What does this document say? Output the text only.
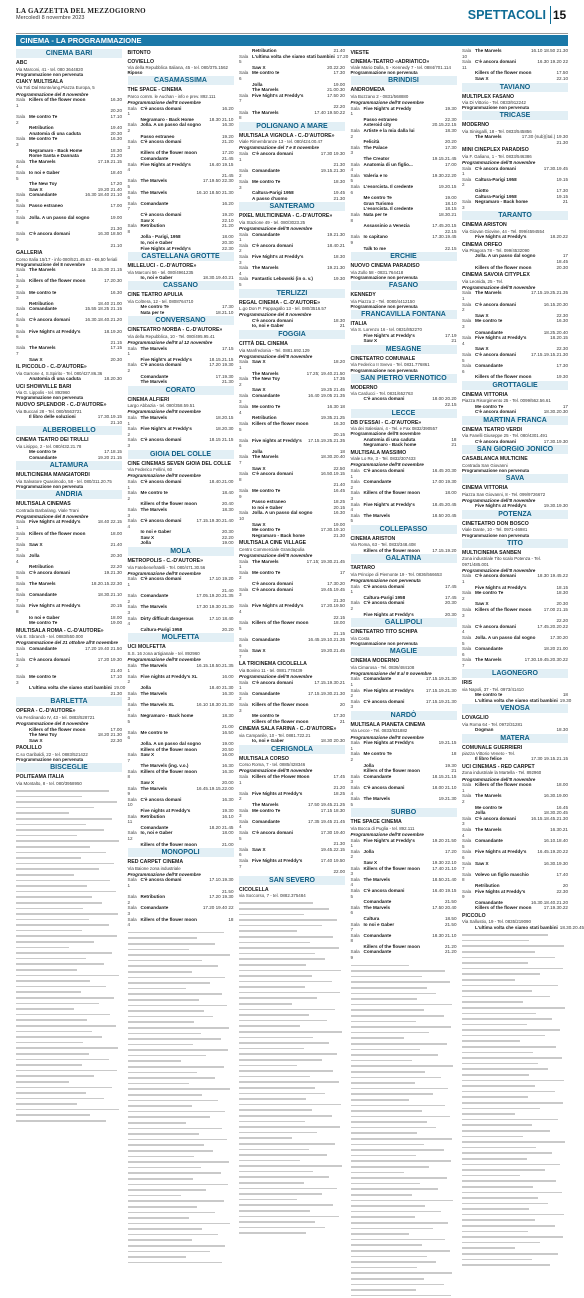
LA GAZZETTA DEL MEZZOGIORNO
Mercoledì 8 novembre 2023	SPETTACOLI 15
CINEMA - LA PROGRAMMAZIONE
CINEMA BARI
ABC
Via Marconi, 41 - tel. 080 3644820
Programmazione non pervenuta
CIAKY MULTISALA
Via Toti Dal Monte/ang.Piazza Europa, 5
Programmazione del 8 novembre
Sala 1
Killers of the flower moon	16.30
20.20
Sala 2
Me contro Te	17.10
Retribution	19.40
Anatomia di una caduta	20.30
Sala 3
Me contro Te	16.30
Negramaro - Back Home	18.30
Rome Santa e Dannata	21.20
Sala 4
The Marvels	17.19.21.15
Sala 5
Io noi e Gaber	18.40
The New Toy	17.20
Saw X	19.20 21.40
Sala 6
Comandante	16.30 18.40 21.10
Sala 7
Passo estraneo	17.00
Sala 8
Jolla. A un passo dal sogno	19.00
21.30
Sala 9
C'è ancora domani	16.30 18.50
21.10
GALLERIA
Corso Italia 15/17 - info 080/521.45.63 - €6,50 feriali
Programmazione del 8 novembre
Sala 1
The Marvels	16.15.30 21.15
Sala 2
Killers of the flower moon	17.20.30
Sala 3
Me contro te	16.30
Retribution	18.40 21.00
Sala 4
Comandante	15.55 18.25 21.15
Sala 5
C'è ancora domani	16.30.18.40.21.20
Sala 6
Five Night's at Freddy's	18.19.20
21.15
Sala 7
The Marvels	17.15
Saw X	20.30
IL PICCOLO - C.-D'AUTORE»
Via Garrone 4, S.Spirito - Tel. 080/427.86.36
Anatomia di una caduta	18.20.30
UCI SHOWVILLE BARI
Via G. Lippolis - tel. 892960
Programmazione non pervenuta
NUOVO SPLENDOR - C.-D'AUTORE»
Via Buccari 28 - Tel. 080/5563721
Il libro delle soluzioni	17.30.19.15
21.10
ALBEROBELLO
CINEMA TEATRO DEI TRULLI
Via Lisippo, 2 - tel. 080/432.21.78
Me contro te	17.18.15
Comandante	19.20 21.15
ALTAMURA
MULTICINEMA MANGIATORDI
Via Salvatore Quasimodo, 58 - tel. 080/311.20.75
Programmazione non pervenuta
ANDRIA
MULTISALA CINEMAS
Contrada Barba/ang. Viale Trani
Programmazione del 8 novembre
Sala 1
Five Night's at Freddy's	18.40 22.15
Sala 2
Killers of the flower moon	18.00
Sala 3
Saw X	21.40
Sala 4
Jolla	20.30
Retribution	22.20
Sala 5
C'è ancora domani	19.21.30
Sala 6
The Marvels	18.20.15.22.30
Sala 7
Comandante	18.30.21.10
Sala 8
Five Night's at Freddy's	20.15
Io noi e Gaber	18.00
Me contro Te	19.00
MULTISALA ROMA - C.-D'AUTORE»
Via E. Sbranch - tel. 0883/550.000
Programmazione del 21 ottobre all'8 novembre
Sala 1
Comandante	17.20 19.40 21.50
Sala 2
C'è ancora domani	17.20 19.30
21.40
Sala 3
Me contro te	17.10
L'ultima volta che siamo stati bambini 19.00
21.30
BARLETTA
OPERA - C.-D'AUTORE»
Via Ferdinando IV, 43 - tel. 0883/528721
Programmazione del 8 novembre
Killers of the flower moon	17.00
The New Toy	18.20 21.30
Saw X	22.30
PAOLILLO
C.so Garibaldi, 22 - tel. 0883/521422
Programmazione non pervenuta
BISCEGLIE
POLITEAMA ITALIA
Via Montalto, 8 - tel. 080/3958950
BITONTO
COVIELLO
Via della Repubblica Italiana, 45 - tel. 080/375.1562
Riposo
CASAMASSIMA
THE SPACE - CINEMA
Parco comm. le Auchan - info e prev. 892.111
Programmazione dell'8 novembre
Sala 1
C'è ancora domani	16.20
Negramaro - Back Home	18.30 21.10
Sala 2
Jolla. A un passo dal sogno	16.30
Passo estraneo	19.20
Sala 3
C'è ancora domani	21.20
Killers of the flower moon	17.20
Comandante	21.45
Sala 4
Five Nights at Freddy's	16.40 19.15
21.45
Sala 5
The Marvels	17.19.50 22.30
Sala 6
The Marvels	16.10 18.50 21.30
Sala 7
Comandante	16.20
C'è ancora domani	19.20
Saw X	22.10
Sala 8
Retribution	21.20
Jolla - Parigi, 1958	18.00
Io, noi e Gaber	20.30
Five Nights at Freddy's	22.30
CASTELLANA GROTTE
MILLELUCI - C.-D'AUTORE»
Via Marconi 56 - tel. 080/4961235
Io, noi e Gaber	18.30.19.40.21
CASSANO
CINE TEATRO APULIA
Via Coltrera, 12 - tel. 0808764710
Me contro Te	17.30
Nata per te	18.21.10
CONVERSANO
CINETEATRO NORBA - C.-D'AUTORE»
Via della Repubblica, 10 - Tel. 080/495.95.41
Programmazione dell'8 al 12 novembre
Sala 1
The Marvels	17.15
Five Night's at Freddy's	18.15.21.15
Sala 2
C'è ancora domani	17.20 19.30
Comandante	17.19.30
The Marvels	21.30
CORATO
CINEMA ALFIERI
Largo Abbazia - tel. 080/358.59.51
Programmazione dell'8 novembre
Sala 1
The Marvels	18.20.15
Sala 2
Five Night's at Freddy's	18.20.30
Sala 3
C'è ancora domani	18.15 21.15
GIOIA DEL COLLE
CINE CINEMAS SEVEN GIOIA DEL COLLE
Via Federico Fellini, 60
Programmazione dell'8 novembre
Sala 1
C'è ancora domani	18.40.21.00
Sala 2
Me contro te	18.40
Killers of the flower moon	20.40
Sala 3
The Marvels	18.30
Sala 4
C'è ancora domani	17.15.19.30.21.40
Io noi e Gaber	20.30
Saw X	22.20
Jolla	19.00
MOLA
METROPOLIS - C.-D'AUTORE»
Via Fatebenefratelli - Tel. 080/471.30.56
Programmazione dell'8 novembre
Sala 1
C'è ancora domani	17.10 19.20
21.40
Sala 2
Comandante	17.05.19.20.21.35
Sala 3
The Marvels	17.30 19.30 21.30
Sala 4
Dirty difficult dangerous	17.10 18.40
Caltura-Parigi 1958	20.20
MOLFETTA
UCI MOLFETTA
S.S. 16 zona artigianale - tel. 892960
Programmazione dell'8 novembre
Sala 1
The Marvels	16.15.18.50.21.35
Sala 2
Five nights at Freddy's XL	16.00
Jolla	18.40 21.30
Sala 3
The Marvels	16.30
Sala 4
The Marvels XL	16.10 18.30 21.30
Sala 5
Negramaro - Back home	18.30
21.00
Sala 6
Me contro te	16.50
Jolla. A un passo dal sogno	19.00
Killers of the flower moon	20.50
Sala 7
Saw X	16.00
The Marvels (ing. v.o.)	16.30
Sala 8
Killers of the flower moon	16.30
Saw X	20.00
Sala 9
The Marvels	16.45.19.15.22.00
Sala 10
C'è ancora domani	16.30
Five nights at Freddy's	19.30
Sala 11
Retribution	16.10
Comandante	18.20 21.45
Sala 12
Io, noi e Gaber	18.00
Killers of the flower moon	21.00
MONOPOLI
RED CARPET CINEMA
Via Baione zona industriale
Programmazione dell'8 novembre
Sala 1
C'è ancora domani	17.10.19.30
21.50
Sala 2
Retribution	17.20 19.30
Sala 3
Comandante	17.20 19.40 22
Sala 4
Killers of the flower moon	18
Retribution	21.40
Sala 5
L'ultima volta che siamo stati bambini 17.20
Saw X	20.22.20
Sala 6
Me contro te	17.30
Jolla	19.00
The Marvels	21.00.30
Sala 7
Five Night's at Freddy's	17.50 20
22.20
Sala 8
The Marvels	17.40 19.50.22
POLIGNANO A MARE
MULTISALA VIGNOLA - C.-D'AUTORE»
Viale Rimembranze 13 - tel. 080/424.00.47
Programmazione del 7 e 8 novembre
Sala 1
C'è ancora domani	17.30 19.30
21.30
Sala 2
Comandante	19.15.21.30
Sala 3
Me contro Te	18.30
Caltura-Parigi 1958	19.45
A passo d'uomo	21.30
SANTERAMO
PIXEL MULTICINEMA - C.-D'AUTORE»
Via Stazione 49 - tel. 080/3023.25
Programmazione dell'8 novembre
Sala 1
Comandante	19.21.30
Sala 2
C'è ancora domani	18.40.21
Sala 3
Five Night's at Freddy's	18.30
Sala 4
The Marvels	19.21.30
Sala 5
Fantastic Lebowski (in o. v.)	19.30
TERLIZZI
REGAL CINEMA - C.-D'AUTORE»
L.go Don P. Pappagallo 13 - tel. 080/3516.57
Programmazione del 8 novembre
C'è ancora domani	18.30
Io, noi e Gaber	21
FOGGIA
CITTÀ DEL CINEMA
Via Manfredonia - Tel. 0881.692.129
Programmazione dell'8 novembre
Sala 1
Saw X	18.20
The Marvels	17.25; 19.40.21.50
Sala 2
The New Toy	17.35
Saw X	19.25 21.45
Sala 3
Comandante	16.40 19.05 21.35
Sala 4
Me contro Te	16.30 18
Retribution	19.35.21.25
Sala 5
Killers of the flower moon	16.30
20.15
Sala 6
Five nights at Freddy's	17.15.19.25.21.35
Jolla	18
Sala 7
The Marvels	18.30.20.40
Saw X	22.50
Sala 8
C'è ancora domani	16.50.19.15
21.40
Sala 9
Me contro Te	16.45
Passo estraneo	18.25
Io noi e Gaber	20.15
Sala 10
Jolla. A un passo dal sogno	16.30
Saw X	19.00
Me contro Te	17.30.19.10
Negramaro - Back home	21.30
MULTISALA CINE VILLAGE
Centro Commerciale Grandapulia
Programmazione dell'8 novembre
Sala 1
The Marvels	17.15; 19.30.21.45
Sala 2
Me contro Te	17
C'è ancora domani	17.30.20
Sala 3
C'è ancora domani	19.45.19.45
21.30
Sala 4
Five Night's at Freddy's	17.20.19.50
22.15
Sala 5
Killers of the flower moon	18.00
21.15
Sala 6
Comandante	16.45.19.10.21.35
Sala 7
Saw X	19.20.21.45
LA TRICINEMA CICOLELLA
Via Bovino 11 - tel. 0881.778439
Programmazione dell'8 novembre
Sala 1
C'è ancora domani	17.15.19.30.21
Sala 2
Comandante	17.15.19.30.21.30
Sala 3
Killers of the flower moon	20
Me contro te	17.30
Killers of the flower moon	21
CINEMA SALA FARINA - C.-D'AUTORE»
via Campanile, 10 - Tel. 0881.722.21
Io, noi e Gaber	18.30 20.30
CERIGNOLA
MULTISALA CORSO
Corso Roma, 7 - tel. 0885/428346
Programmazione dell'8 novembre
Sala 1
Killers of the Flower Moon	17.45
21.20
Sala 2
Five Nights at Freddy's	18.25
The Marvels	17.50 19.45.21.25
Sala 3
Me contro Te	17.15 18.30
Sala 4
Comandante	17.35 19.45 21.45
Sala 5
C'è ancora domani	17.30 19.40
21.30
Sala 6
Saw X	19.45.22.15
Sala 7
Five Nights at Freddy's	17.40 19.50
22.00
SAN SEVERO
CICOLELLA
via Soccorso, 7 - tel. 0882.375484
VIESTE
CINEMA-TEATRO «ADRIATICO»
Viale Mario Dalla, 5 - Kennedy 7 - tel. 0884/701.114
Programmazione non pervenuta
BRINDISI
ANDROMEDA
Via Bozzano 2 - 0831/568880
Programmazione dell'8 novembre
Sala 1
Five Night's at Freddy	19.30
Passo estraneo	22.30
Asteroid city	20.15.22.15
Sala 2
Artiste e la mia dalla lui	18.30
Felicità	20.20
Sala 3
The Palace	17.30
The Creator	19.15.21.45
Sala 4
Anatomia di un figlio...	17.00
Sala 5
Valeria e Io	19.30.22.20
Sala 6
L'esorcista. Il credente	19.20.15
Me contro Te	19.00
Gran Turismo	18.10
L'esorcista. Il credente	18.15
Sala 8
Nata per te	18.30.21
Assassinio a Venezia	17.45.20.15
22.15
Sala 9
Io capitano	17.30.19.45
Talk to me	22.15
ERCHIE
NUOVO CINEMA PARADISO
Via Zullo 58 - 0831.764418
Programmazione non pervenuta
FASANO
KENNEDY
Via Piazza 2 - Tel. 0080/4412150
Programmazione non pervenuta
FRANCAVILLA FONTANA
ITALIA
Via S. Lorenzo 16 - tel. 0831/852270
Five Night's at Freddy's	17.19
Saw X	21
MESAGNE
CINETEATRO COMUNALE
Via Federico II Svevo - Tel. 0831.776861
Programmazione non pervenuta
SAN PIETRO VERNOTICO
MODERNO
Via Carducci - Tel. 0831/652763
C'è ancora domani	18.00 20.20
22.15
LECCE
DB D'ESSAI - C.-D'AUTORE»
Via dei Salesiani, 4 - Tel. e Fax 0832/390557
Programmazione dell'8 novembre
Anatomia di una caduta	18
Negramaro - Back home	21
MULTISALA MASSIMO
Viale Lo Re, 3 - Tel. 0832/307433
Programmazione dell'8 novembre
Sala 1
C'è ancora domani	16.45 20.30
Sala 2
Comandante	17.00 19.30
Sala 3
Killers of the flower moon	18.00
Sala 4
Five Night's at Freddy's	18.45.20.45
Sala 5
The Marvels	18.50 20.45
COLLEPASSO
CINEMA ARISTON
Via Roma, 63 - Tel. 0833/348.408
Killers of the flower moon	17.15.19.20
GALATINA
TARTARO
Via Principe di Piemonte 19 - Tel. 0836/566653
Programmazione non pervenuta
Sala 1
C'è ancora domani	17.45
Caltura-Parigi 1958	17.45
Sala 2
C'è ancora domani	20.30
Five Nights at Freddy's	20.30
GALLIPOLI
CINETEATRO TITO SCHIPA
Via Costa
Programmazione non pervenuta
MAGLIE
CINEMA MODERNO
Via Cimarosa - Tel. 0836/484108
Programmazione del 8 al 9 novembre
Sala 1
Comandante	17.15.19.21.30
Sala 2
Five Nights at Freddy's	17.15.19.21.30
Sala 3
C'è ancora domani	17.15.19.21.30
NARDÒ
MULTISALA PIANETA CINEMA
Via Lecce - Tel. 0833/831882
Programmazione dell'8 novembre
Sala 1
Five Nights at Freddy's	19.21.15
Sala 2
Me contro Te	18
Jolla	19.30
Killers of the flower moon	21
Sala 3
Comandante	18.15.21.15
Sala 4
C'è ancora domani	18.00 21.10
Sala 5
The Marvels	19.21.30
SURBO
THE SPACE CINEMA
Via Bocca di Puglia - tel. 892.111
Programmazione dell'8 novembre
Sala 1
Five Night's at Freddy's	19.20 21.50
Sala 2
Jolla	17.20
Saw X	19.30 22.10
Sala 3
Killers of the flower moon	17.40 21.10
Sala 4
The Marvels	18.50.21.40
Sala 5
C'è ancora domani	16.40 19.15
Comandante	21.50
Sala 6
The Marvels	17.50 20.40
Caltura	18.50
Sala 7
Io noi e Gaber	21.50
Sala 8
Comandante	18.30 21.10
Killers of the flower moon	21.20
Sala 9
Comandante	21.20
Sala 10
The Marvels	16.10 18.50 21.30
Sala 11
C'è ancora domani	16.30 19.20 22
Killers of the flower moon	17.50
Saw X	22.10
TAVIANO
MULTIPLEX FASANO
Via Di Vittorio - Tel. 0833/912242
Programmazione non pervenuta
TRICASE
MODERNO
Via Sinisgalli, 18 - Tel. 0833/545856
The Marvels	17.30 (sub)(ital.) 19.30
21.30
MINI CINEPLEX PARADISO
Via F. Galiano, 1 - Tel. 0833/546386
Programmazione dell'8 novembre
Sala 1
C'è ancora domani	17.30.19.45
Sala 2
Caltura-Parigi 1958	19.15
Giotto	17.30
Caltura-Parigi 1958	19.15
Sala 3
Negramaro - Back home	21
TARANTO
CINEMA ARISTON
Via Giovan Giovine, 44 - Tel. 099/4594554
Five Night's at Freddy's	18.20.22
CINEMA ORFEO
Via Pitagora 78 - Tel. 099/4532090
Jolla. A un passo dal sogno	17
18.45
Killers of the flower moon	20.30
CINEMA SAVOIA CITYPLEX
Via Leonida, 25 - Tel.
Programmazione dell'8 novembre
Sala 1
The Marvels	17.15.19.25.21.35
Sala 2
C'è ancora domani	16.15.20.30
Saw X	22.30
Sala 3
Me contro te	16.30
Comandante	18.25.20.40
Sala 4
Five Night's at Freddy's	18.20.15
Saw X	22.30
Sala 5
C'è ancora domani	17.15.19.15.21.30
Sala 6
Comandante	17.30
Killers of the flower moon	19.30
GROTTAGLIE
CINEMA VITTORIA
Piazza Risorgimento 25 - Tel. 0099/562.56.61
Me contro Te	17
C'è ancora domani	18.30.20.30
MARTINA FRANCA
CINEMA TEATRO VERDI
Via Fanelli Giuseppe 25 - Tel. 080/4301.491
C'è ancora domani	17.30.19.30
SAN GIORGIO JONICO
CASABLANCA MULTICINE
Contrada San Giovanni
Programmazione non pervenuta
SAVA
CINEMA VITTORIA
Piazza San Giovanni, 8 - Tel. 099/9726672
Programmazione dell'8 novembre
Five Night's at Freddy's	19.30.19.30
POTENZA
CINETEATRO DON BOSCO
Viale Dante, 10 - Tel. 0971-46981
Programmazione non pervenuta
TITO
MULTICINEMA SANBEN
Zona industriale Tito scalo Potenza - Tel. 0971/485.001
Programmazione dell'8 novembre
Sala 1
C'è ancora domani	18.30 19.45.22
Five Night's at Freddy's	18.15
Sala 2
Me contro Te	18.30
Saw X	20.30
Sala 3
Killers of the flower moon	17.00 21.15
22.20
Sala 4
C'è ancora domani	17.45.20.20.22
Sala 5
Jolla. A un passo dal sogno	17.30.20
Sala 6
Comandante	18.20 21.00
Sala 7
The Marvels	17.30.19.45.20.30.22
LAGONEGRO
IRIS
via Napoli, 37 - Tel. 0973/41410
Me contro te	18
L'ultima volta che siamo stati bambini 19.30
VENOSA
LOVAGLIO
Via Roma 64 - Tel. 0972/31281
Dogman	18.30
MATERA
COMUNALE GUERRIERI
piazza Vittorio Veneto - Tel.
Il libro felice	17.30 19.15.21.15
UCI CINEMAS - RED CARPET
Zona industriale la Martella - Tel. 892960
Programmazione dell'8 novembre
Sala 1
Killers of the flower moon	18.00
Sala 2
The Marvels	16.30.19.00
Me contro te	16.45
Jolla	18.30.20.45
Sala 3
C'è ancora domani	16.15.18.45.21.30
Sala 4
The Marvels	16.30.21
Sala 5
Comandante	16.10.18.40
Sala 6
Five Night's at Freddy's	16.45.19.20.22
Sala 7
Saw X	16.30.19.30
Sala 8
Volevo un figlio maschio	17.40
Retribution	20
Sala 9
Five Nights at Freddy's	22.30
Comandante	16.30.18.40.21.20
Killers of the flower moon	17.19.30.22
PICCOLO
Via Sallustio, 19 - Tel. 0835/219090
L'ultima volta che siamo stati bambini 18.30.20.45
